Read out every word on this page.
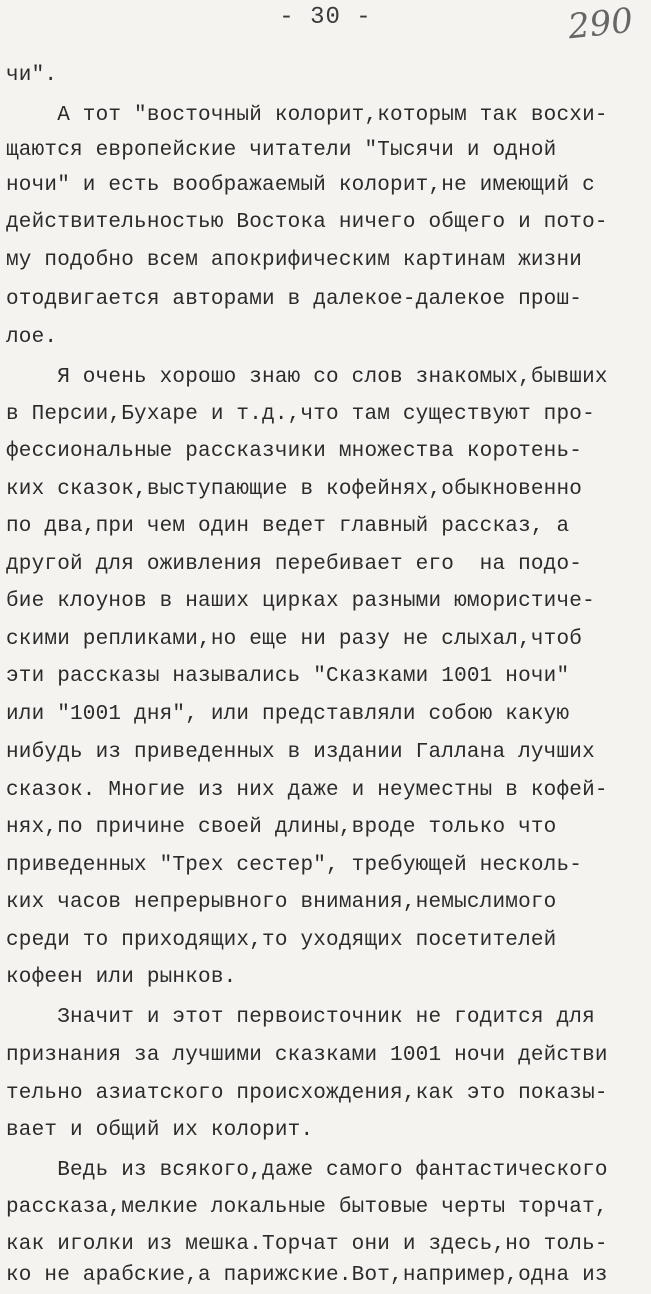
- 30 -	290
чи".
А тот "восточный колорит,которым так восхи-
щаются европейские читатели "Тысячи и одной
ночи" и есть воображаемый колорит,не имеющий с
действительностью Востока ничего общего и пото-
му подобно всем апокрифическим картинам жизни
отодвигается авторами в далекое-далекое прош-
лое.
Я очень хорошо знаю со слов знакомых,бывших
в Персии,Бухаре и т.д.,что там существуют про-
фессиональные рассказчики множества коротень-
ких сказок,выступающие в кофейнях,обыкновенно
по два,при чем один ведет главный рассказ, а
другой для оживления перебивает его  на подо-
бие клоунов в наших цирках разными юмористиче-
скими репликами,но еще ни разу не слыхал,чтоб
эти рассказы назывались "Сказками 1001 ночи"
или "1001 дня", или представляли собою какую
нибудь из приведенных в издании Галлана лучших
сказок. Многие из них даже и неуместны в кофей-
нях,по причине своей длины,вроде только что
приведенных "Трех сестер", требующей несколь-
ких часов непрерывного внимания,немыслимого
среди то приходящих,то уходящих посетителей
кофеен или рынков.
Значит и этот первоисточник не годится для
признания за лучшими сказками 1001 ночи действи
тельно азиатского происхождения,как это показы-
вает и общий их колорит.
Ведь из всякого,даже самого фантастического
рассказа,мелкие локальные бытовые черты торчат,
как иголки из мешка.Торчат они и здесь,но толь-
ко не арабские,а парижские.Вот,например,одна из
